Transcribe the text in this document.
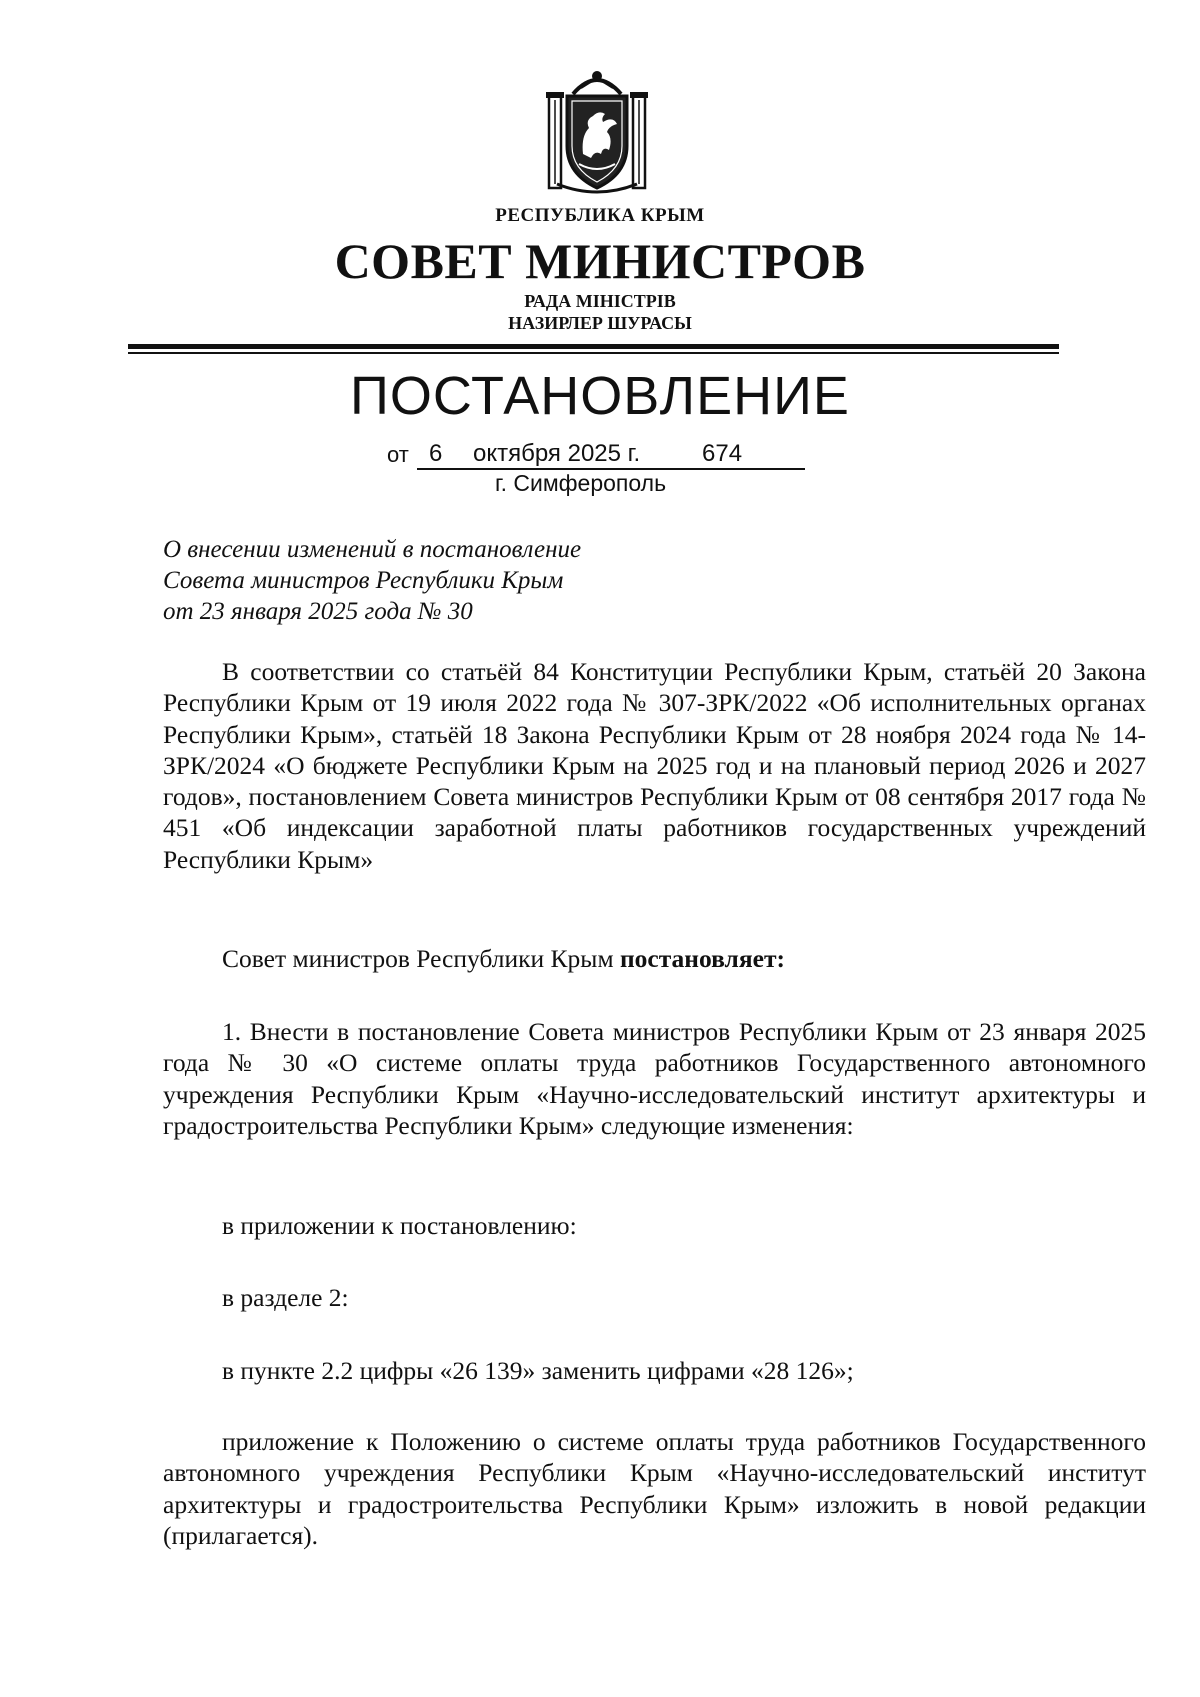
РЕСПУБЛИКА КРЫМ
СОВЕТ МИНИСТРОВ
РАДА МІНІСТРІВ
НАЗИРЛЕР ШУРАСЫ
ПОСТАНОВЛЕНИЕ
от 6 октября 2025 г.	674
г. Симферополь
О внесении изменений в постановление
Совета министров Республики Крым
от 23 января 2025 года № 30

В соответствии со статьёй 84 Конституции Республики Крым, статьёй 20 Закона Республики Крым от 19 июля 2022 года № 307-ЗРК/2022 «Об исполнительных органах Республики Крым», статьёй 18 Закона Республики Крым от 28 ноября 2024 года № 14-ЗРК/2024 «О бюджете Республики Крым на 2025 год и на плановый период 2026 и 2027 годов», постановлением Совета министров Республики Крым от 08 сентября 2017 года № 451 «Об индексации заработной платы работников государственных учреждений Республики Крым»

Совет министров Республики Крым постановляет:

1. Внести в постановление Совета министров Республики Крым от 23 января 2025 года № 30 «О системе оплаты труда работников Государственного автономного учреждения Республики Крым «Научно-исследовательский институт архитектуры и градостроительства Республики Крым» следующие изменения:

в приложении к постановлению:
в разделе 2:
в пункте 2.2 цифры «26 139» заменить цифрами «28 126»;

приложение к Положению о системе оплаты труда работников Государственного автономного учреждения Республики Крым «Научно-исследовательский институт архитектуры и градостроительства Республики Крым» изложить в новой редакции (прилагается).
